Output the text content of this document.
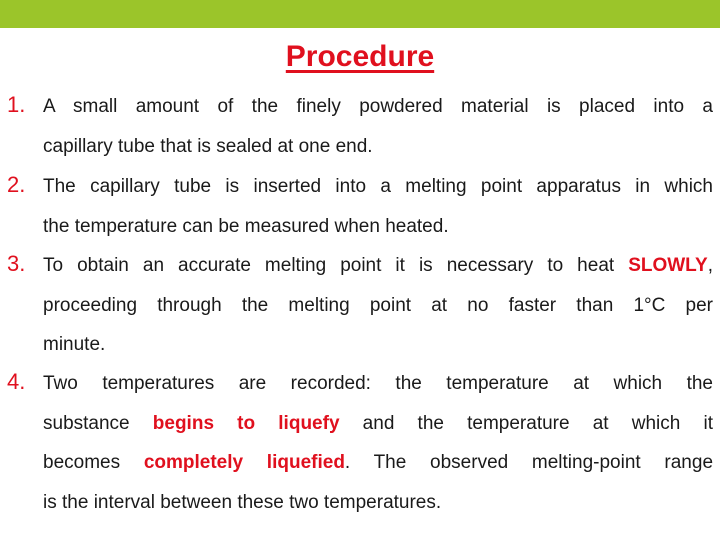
Procedure
1. A small amount of the finely powdered material is placed into a
capillary tube that is sealed at one end.
2. The capillary tube is inserted into a melting point apparatus in which
the temperature can be measured when heated.
3. To obtain an accurate melting point it is necessary to heat SLOWLY,
proceeding through the melting point at no faster than 1°C per
minute.
4. Two temperatures are recorded: the temperature at which the
substance begins to liquefy and the temperature at which it
becomes completely liquefied. The observed melting-point range
is the interval between these two temperatures.
